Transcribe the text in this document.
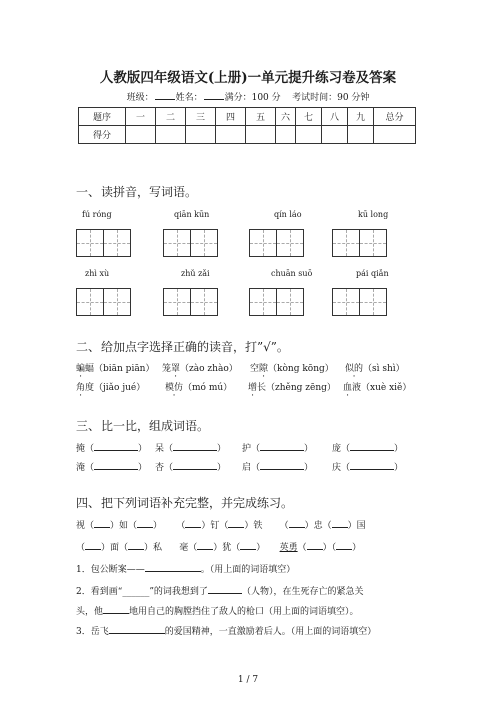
人教版四年级语文(上册)一单元提升练习卷及答案
班级： 姓名： 满分：100 分 考试时间：90 分钟
题序	一	二	三	四	五	六	七	八	九	总分
得分										
一、读拼音，写词语。
fú róng	qiān kūn	qín láo	kū long
zhì xù	zhǔ zǎi	chuān suō	pái qiǎn
二、给加点字选择正确的读音，打”√”。
蝙蝠（biān piān） 笼罩（zào zhào） 空隙（kòng kōng） 似的（sì shì）
角度（jiǎo jué） 模仿（mó mú） 增长（zhěng zēng） 血液（xuè xiě）
三、比一比，组成词语。
掩（	） 呆（	） 护（	） 庞（	）
淹（	） 杏（	） 启（	） 庆（	）
四、把下列词语补充完整，并完成练习。
视（ ）如（ ） （ ）钉（ ）铁 （ ）忠（ ）国
（ ）面（ ）私 毫（ ）犹（ ） 英勇（ ）（ ）
1．包公断案——	。（用上面的词语填空）
2．看到画“______”的词我想到了	（人物），在生死存亡的紧急关
头，他	地用自己的胸膛挡住了敌人的枪口（用上面的词语填空）。
3．岳飞	的爱国精神，一直激励着后人。（用上面的词语填空）
1 / 7
